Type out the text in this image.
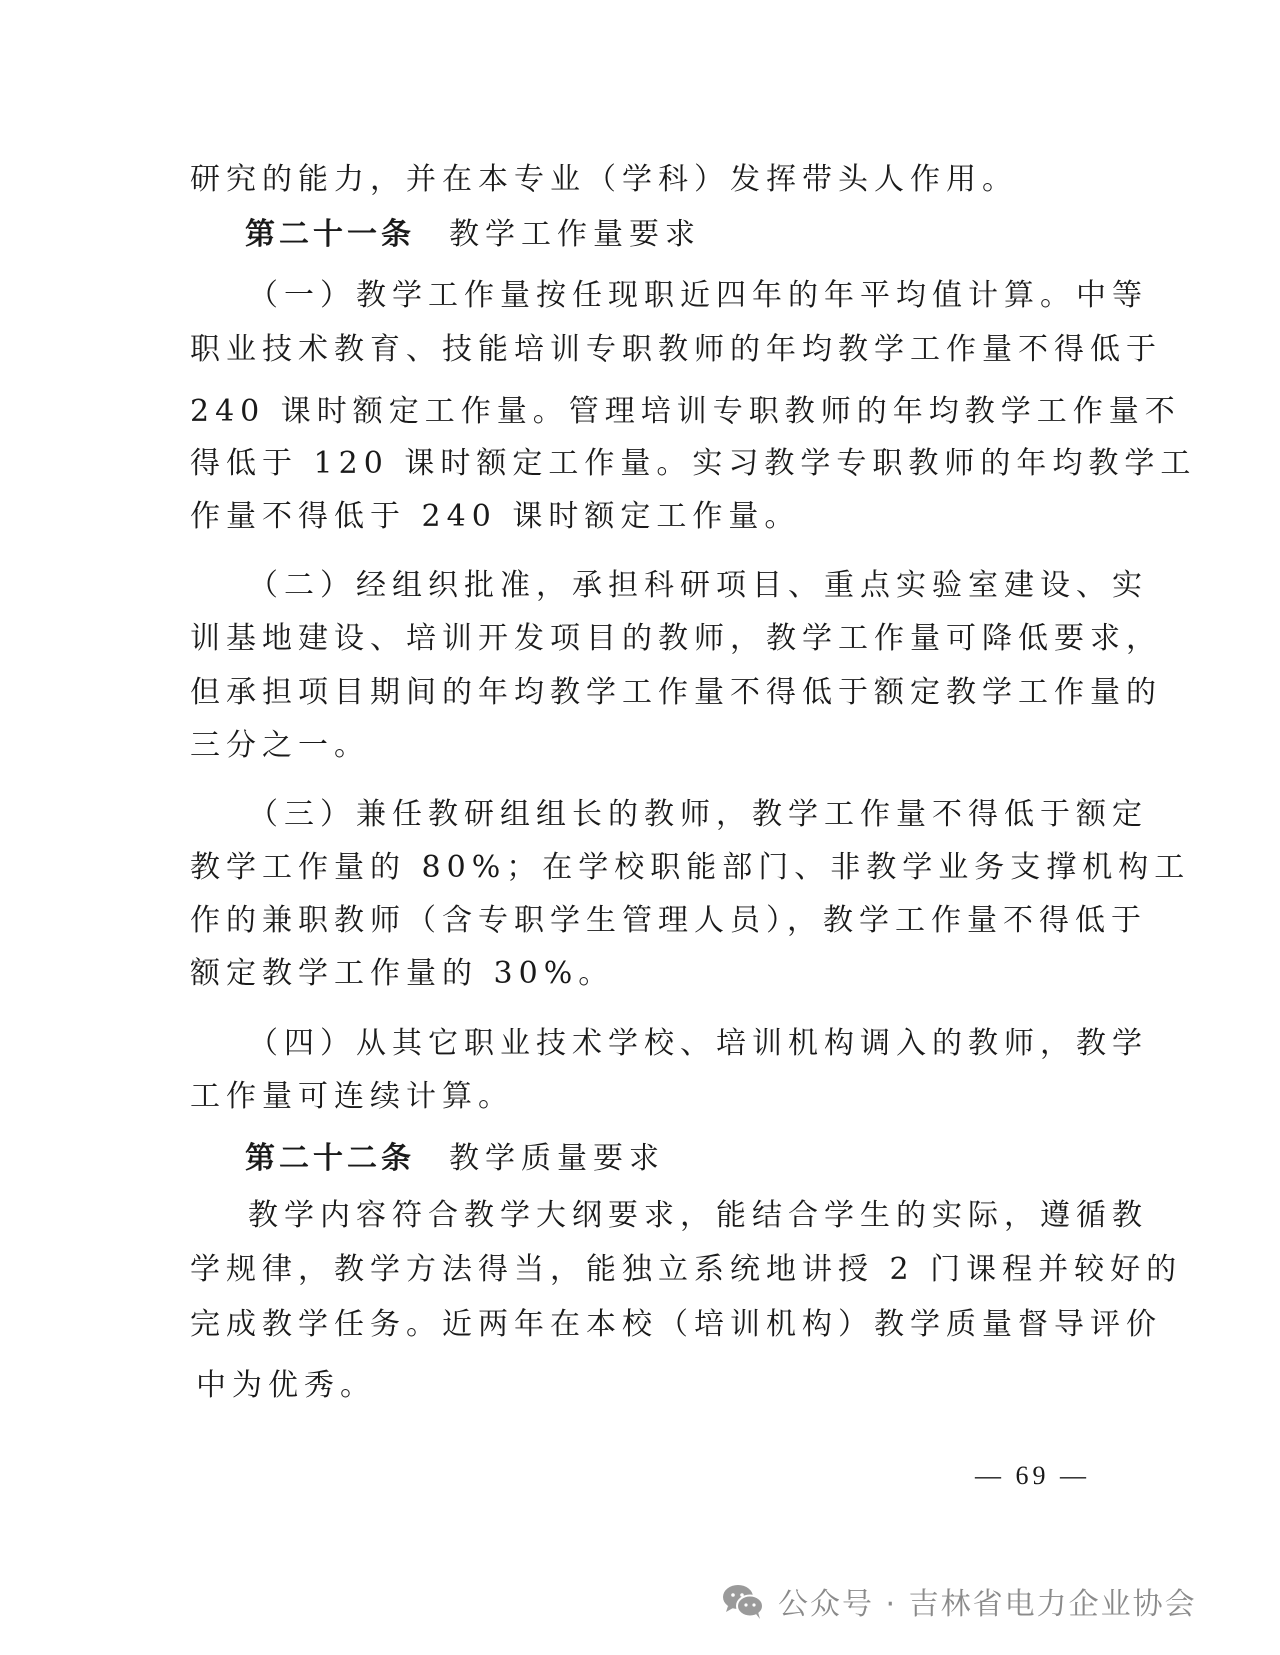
研究的能力，并在本专业（学科）发挥带头人作用。
第二十一条 教学工作量要求
（一）教学工作量按任现职近四年的年平均值计算。中等
职业技术教育、技能培训专职教师的年均教学工作量不得低于
240 课时额定工作量。管理培训专职教师的年均教学工作量不
得低于 120 课时额定工作量。实习教学专职教师的年均教学工
作量不得低于 240 课时额定工作量。
（二）经组织批准，承担科研项目、重点实验室建设、实
训基地建设、培训开发项目的教师，教学工作量可降低要求，
但承担项目期间的年均教学工作量不得低于额定教学工作量的
三分之一。
（三）兼任教研组组长的教师，教学工作量不得低于额定
教学工作量的 80%；在学校职能部门、非教学业务支撑机构工
作的兼职教师（含专职学生管理人员），教学工作量不得低于
额定教学工作量的 30%。
（四）从其它职业技术学校、培训机构调入的教师，教学
工作量可连续计算。
第二十二条 教学质量要求
教学内容符合教学大纲要求，能结合学生的实际，遵循教
学规律，教学方法得当，能独立系统地讲授 2 门课程并较好的
完成教学任务。近两年在本校（培训机构）教学质量督导评价
中为优秀。
— 69 —
公众号 · 吉林省电力企业协会
